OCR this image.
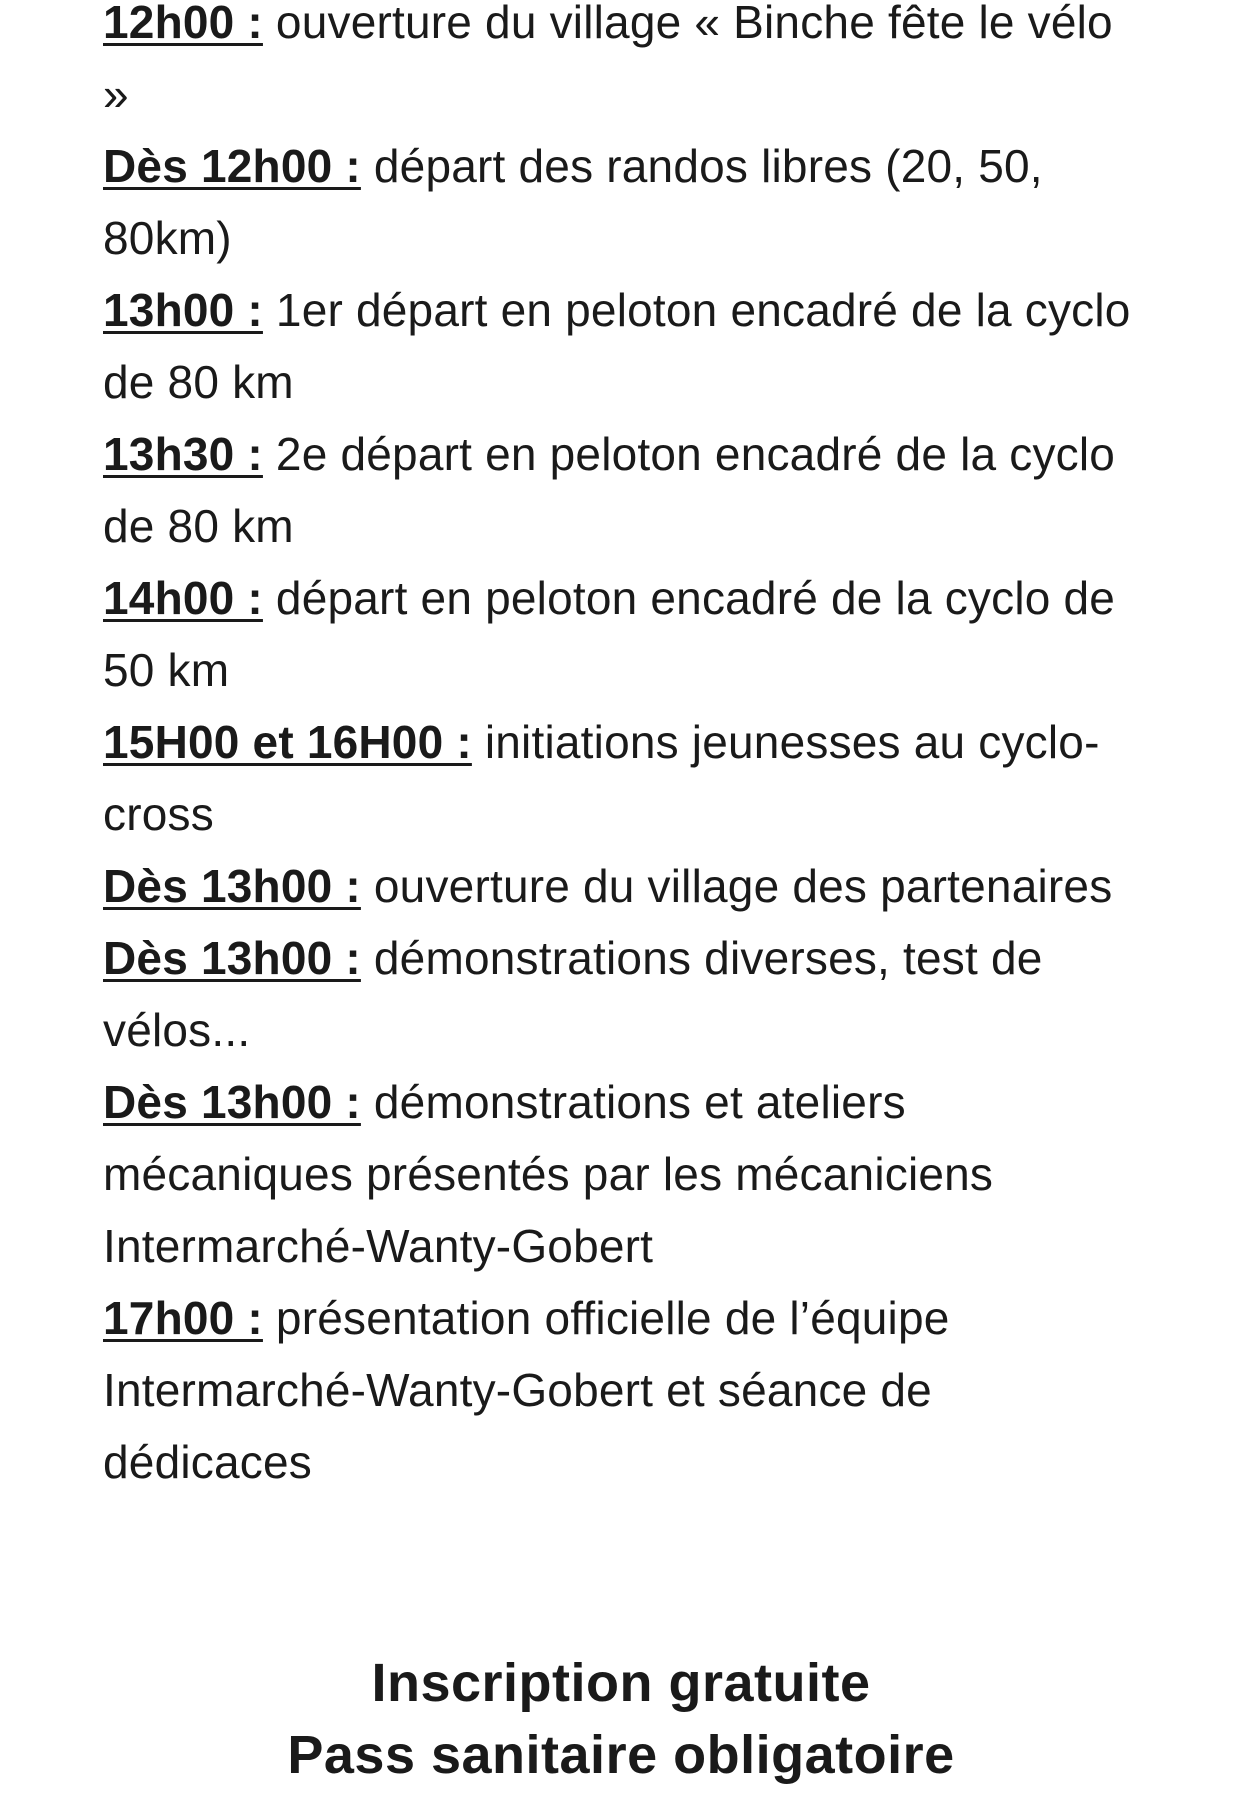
12h00 : ouverture du village « Binche fête le vélo »
Dès 12h00 : départ des randos libres (20, 50, 80km)
13h00 : 1er départ en peloton encadré de la cyclo de 80 km
13h30 : 2e départ en peloton encadré de la cyclo de 80 km
14h00 : départ en peloton encadré de la cyclo de 50 km
15H00 et 16H00 : initiations jeunesses au cyclo-cross
Dès 13h00 : ouverture du village des partenaires
Dès 13h00 : démonstrations diverses, test de vélos...
Dès 13h00 : démonstrations et ateliers mécaniques présentés par les mécaniciens Intermarché-Wanty-Gobert
17h00 : présentation officielle de l’équipe Intermarché-Wanty-Gobert et séance de dédicaces

Inscription gratuite

Pass sanitaire obligatoire
